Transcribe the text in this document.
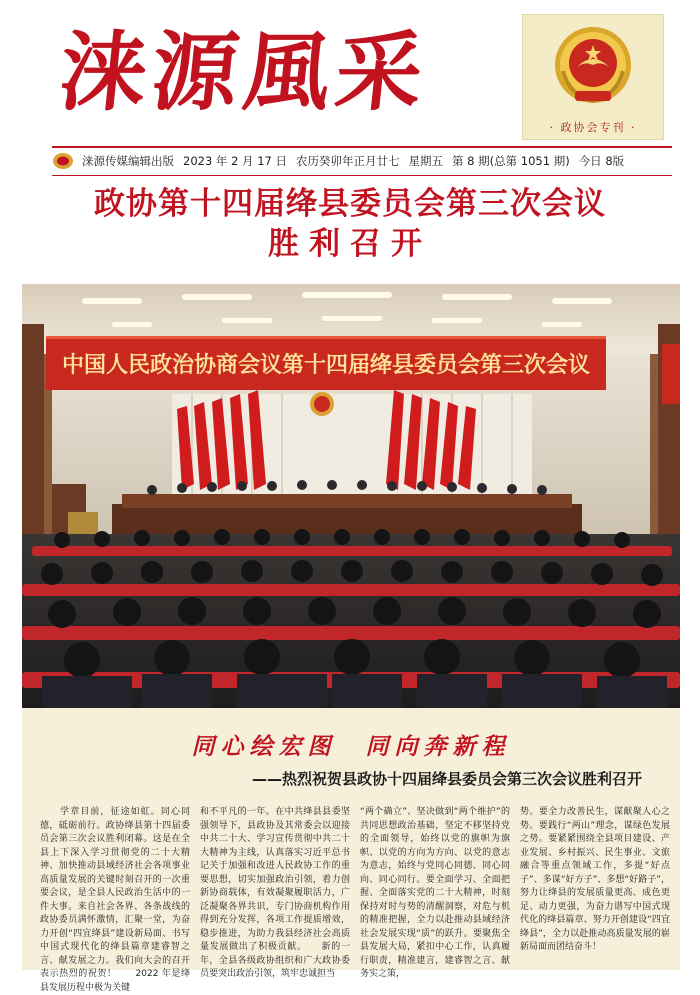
涞源風采
· 政协会专刊 ·
涞源传媒编辑出版 2023 年 2 月 17 日 农历癸卯年正月廿七 星期五 第 8 期(总第 1051 期) 今日 8版
政协第十四届绛县委员会第三次会议
胜利召开
中国人民政治协商会议第十四届绛县委员会第三次会议
同心绘宏图　同向奔新程
——热烈祝贺县政协十四届绛县委员会第三次会议胜利召开
　　学章目前，征途如虹。同心同德，砥砺前行。政协绛县第十四届委员会第三次会议胜利闭幕。这是在全县上下深入学习贯彻党的二十大精神、加快推动县域经济社会各项事业高质量发展的关键时刻召开的一次重要会议，是全县人民政治生活中的一件大事。来自社会各界、各条战线的政协委员满怀激情，汇聚一堂，为奋力开创“四宜绛县”建设新局面、书写中国式现代化的绛县篇章建睿智之言、献发展之力。我们向大会的召开表示热烈的祝贺！　　2022 年是绛县发展历程中极为关键
和不平凡的一年。在中共绛县县委坚强领导下，县政协及其常委会以迎接中共二十大、学习宣传贯彻中共二十大精神为主线，认真落实习近平总书记关于加强和改进人民政协工作的重要思想，切实加强政治引领，着力创新协商载体，有效凝聚履职活力，广泛凝聚各界共识，专门协商机构作用得到充分发挥，各项工作提质增效，稳步推进，为助力我县经济社会高质量发展做出了积极贡献。　　新的一年，全县各级政协组织和广大政协委员要突出政治引领，筑牢忠诚担当
“两个确立”、坚决做到“两个维护”的共同思想政治基础，坚定不移坚持党的全面领导，始终以党的旗帜为旗帜、以党的方向为方向、以党的意志为意志，始终与党同心同德、同心同向、同心同行。要全面学习、全面把握、全面落实党的二十大精神，时刻保持对时与势的清醒洞察，对危与机的精准把握，全力以赴推动县域经济社会发展实现“质”的跃升。要聚焦全县发展大局，紧扣中心工作，认真履行职责，精准建言，建睿智之言、献务实之策，
势。要全力改善民生，谋献聚人心之势。要践行“两山”理念，谋绿色发展之势。要紧紧围绕全县项目建设、产业发展、乡村振兴、民生事业、文旅融合等重点领域工作，多提“好点子”、多谋“好方子”、多想“好路子”，努力让绛县的发展质量更高、成色更足、动力更强，为奋力谱写中国式现代化的绛县篇章、努力开创建设“四宜绛县”，全力以赴推动高质量发展的崭新局面而团结奋斗！
